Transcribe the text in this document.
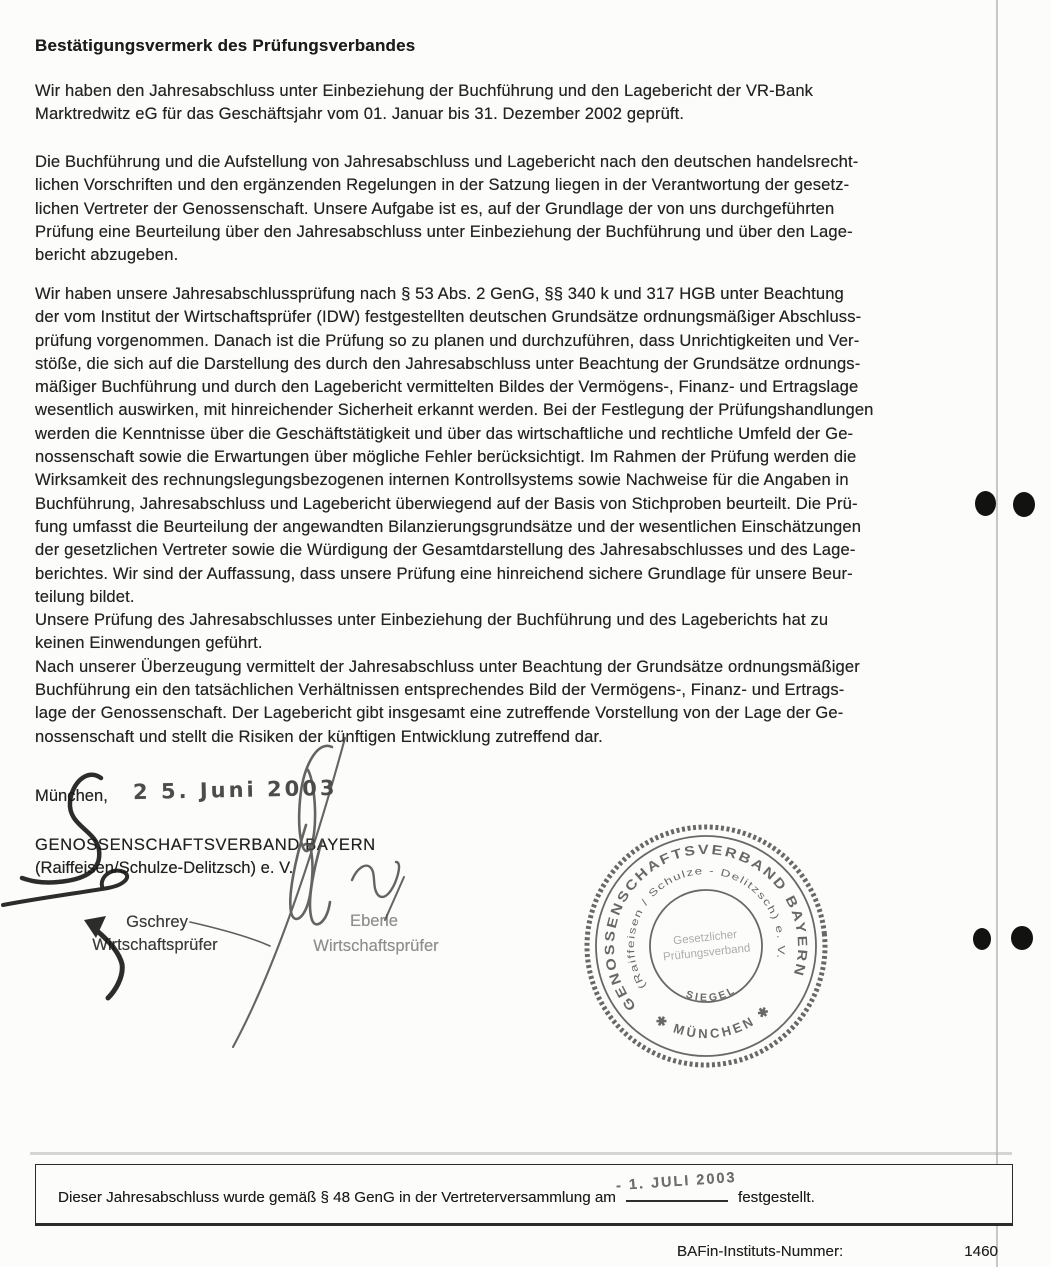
Bestätigungsvermerk des Prüfungsverbandes
Wir haben den Jahresabschluss unter Einbeziehung der Buchführung und den Lagebericht der VR-Bank
Marktredwitz eG für das Geschäftsjahr vom 01. Januar bis 31. Dezember 2002 geprüft.
Die Buchführung und die Aufstellung von Jahresabschluss und Lagebericht nach den deutschen handelsrecht-
lichen Vorschriften und den ergänzenden Regelungen in der Satzung liegen in der Verantwortung der gesetz-
lichen Vertreter der Genossenschaft. Unsere Aufgabe ist es, auf der Grundlage der von uns durchgeführten
Prüfung eine Beurteilung über den Jahresabschluss unter Einbeziehung der Buchführung und über den Lage-
bericht abzugeben.
Wir haben unsere Jahresabschlussprüfung nach § 53 Abs. 2 GenG, §§ 340 k und 317 HGB unter Beachtung
der vom Institut der Wirtschaftsprüfer (IDW) festgestellten deutschen Grundsätze ordnungsmäßiger Abschluss-
prüfung vorgenommen. Danach ist die Prüfung so zu planen und durchzuführen, dass Unrichtigkeiten und Ver-
stöße, die sich auf die Darstellung des durch den Jahresabschluss unter Beachtung der Grundsätze ordnungs-
mäßiger Buchführung und durch den Lagebericht vermittelten Bildes der Vermögens-, Finanz- und Ertragslage
wesentlich auswirken, mit hinreichender Sicherheit erkannt werden. Bei der Festlegung der Prüfungshandlungen
werden die Kenntnisse über die Geschäftstätigkeit und über das wirtschaftliche und rechtliche Umfeld der Ge-
nossenschaft sowie die Erwartungen über mögliche Fehler berücksichtigt. Im Rahmen der Prüfung werden die
Wirksamkeit des rechnungslegungsbezogenen internen Kontrollsystems sowie Nachweise für die Angaben in
Buchführung, Jahresabschluss und Lagebericht überwiegend auf der Basis von Stichproben beurteilt. Die Prü-
fung umfasst die Beurteilung der angewandten Bilanzierungsgrundsätze und der wesentlichen Einschätzungen
der gesetzlichen Vertreter sowie die Würdigung der Gesamtdarstellung des Jahresabschlusses und des Lage-
berichtes. Wir sind der Auffassung, dass unsere Prüfung eine hinreichend sichere Grundlage für unsere Beur-
teilung bildet.
Unsere Prüfung des Jahresabschlusses unter Einbeziehung der Buchführung und des Lageberichts hat zu
keinen Einwendungen geführt.
Nach unserer Überzeugung vermittelt der Jahresabschluss unter Beachtung der Grundsätze ordnungsmäßiger
Buchführung ein den tatsächlichen Verhältnissen entsprechendes Bild der Vermögens-, Finanz- und Ertrags-
lage der Genossenschaft. Der Lagebericht gibt insgesamt eine zutreffende Vorstellung von der Lage der Ge-
nossenschaft und stellt die Risiken der künftigen Entwicklung zutreffend dar.
München, 2 5. Juni 2003
GENOSSENSCHAFTSVERBAND BAYERN
(Raiffeisen/Schulze-Delitzsch) e. V.
Gschrey
Wirtschaftsprüfer
Eberle
Wirtschaftsprüfer
GENOSSENSCHAFTSVERBAND BAYERN
(Raiffeisen / Schulze - Delitzsch) e. V.
✱ MÜNCHEN ✱
SIEGEL
Gesetzlicher
Prüfungsverband
Dieser Jahresabschluss wurde gemäß § 48 GenG in der Vertreterversammlung am
- 1. JULI 2003
festgestellt.
BAFin-Instituts-Nummer:	1460
